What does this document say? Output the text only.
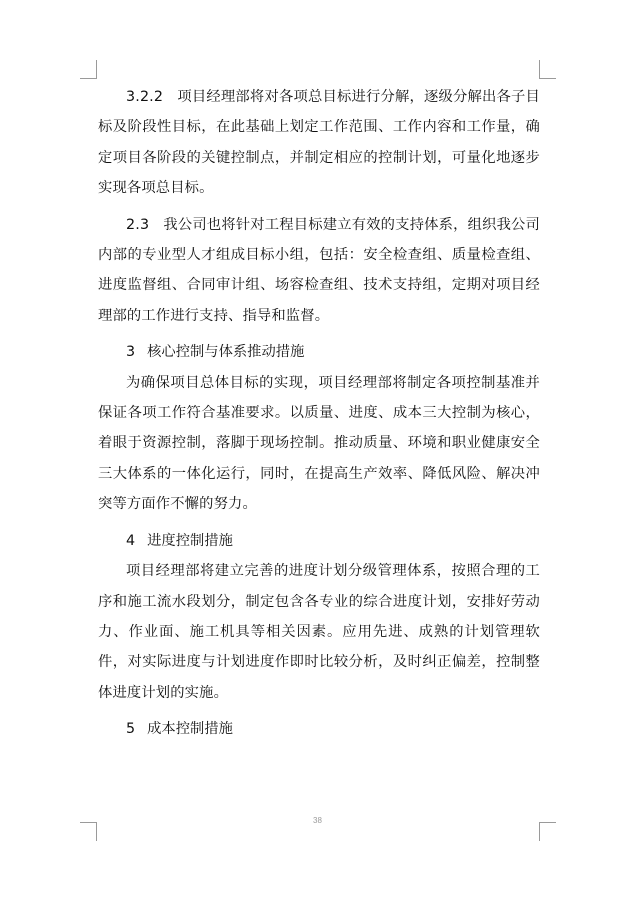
3.2.2 项目经理部将对各项总目标进行分解，逐级分解出各子目标及阶段性目标，在此基础上划定工作范围、工作内容和工作量，确定项目各阶段的关键控制点，并制定相应的控制计划，可量化地逐步实现各项总目标。

2.3 我公司也将针对工程目标建立有效的支持体系，组织我公司内部的专业型人才组成目标小组，包括：安全检查组、质量检查组、进度监督组、合同审计组、场容检查组、技术支持组，定期对项目经理部的工作进行支持、指导和监督。

3 核心控制与体系推动措施

为确保项目总体目标的实现，项目经理部将制定各项控制基准并保证各项工作符合基准要求。以质量、进度、成本三大控制为核心，着眼于资源控制，落脚于现场控制。推动质量、环境和职业健康安全三大体系的一体化运行，同时，在提高生产效率、降低风险、解决冲突等方面作不懈的努力。

4 进度控制措施

项目经理部将建立完善的进度计划分级管理体系，按照合理的工序和施工流水段划分，制定包含各专业的综合进度计划，安排好劳动力、作业面、施工机具等相关因素。应用先进、成熟的计划管理软件，对实际进度与计划进度作即时比较分析，及时纠正偏差，控制整体进度计划的实施。

5 成本控制措施
38
